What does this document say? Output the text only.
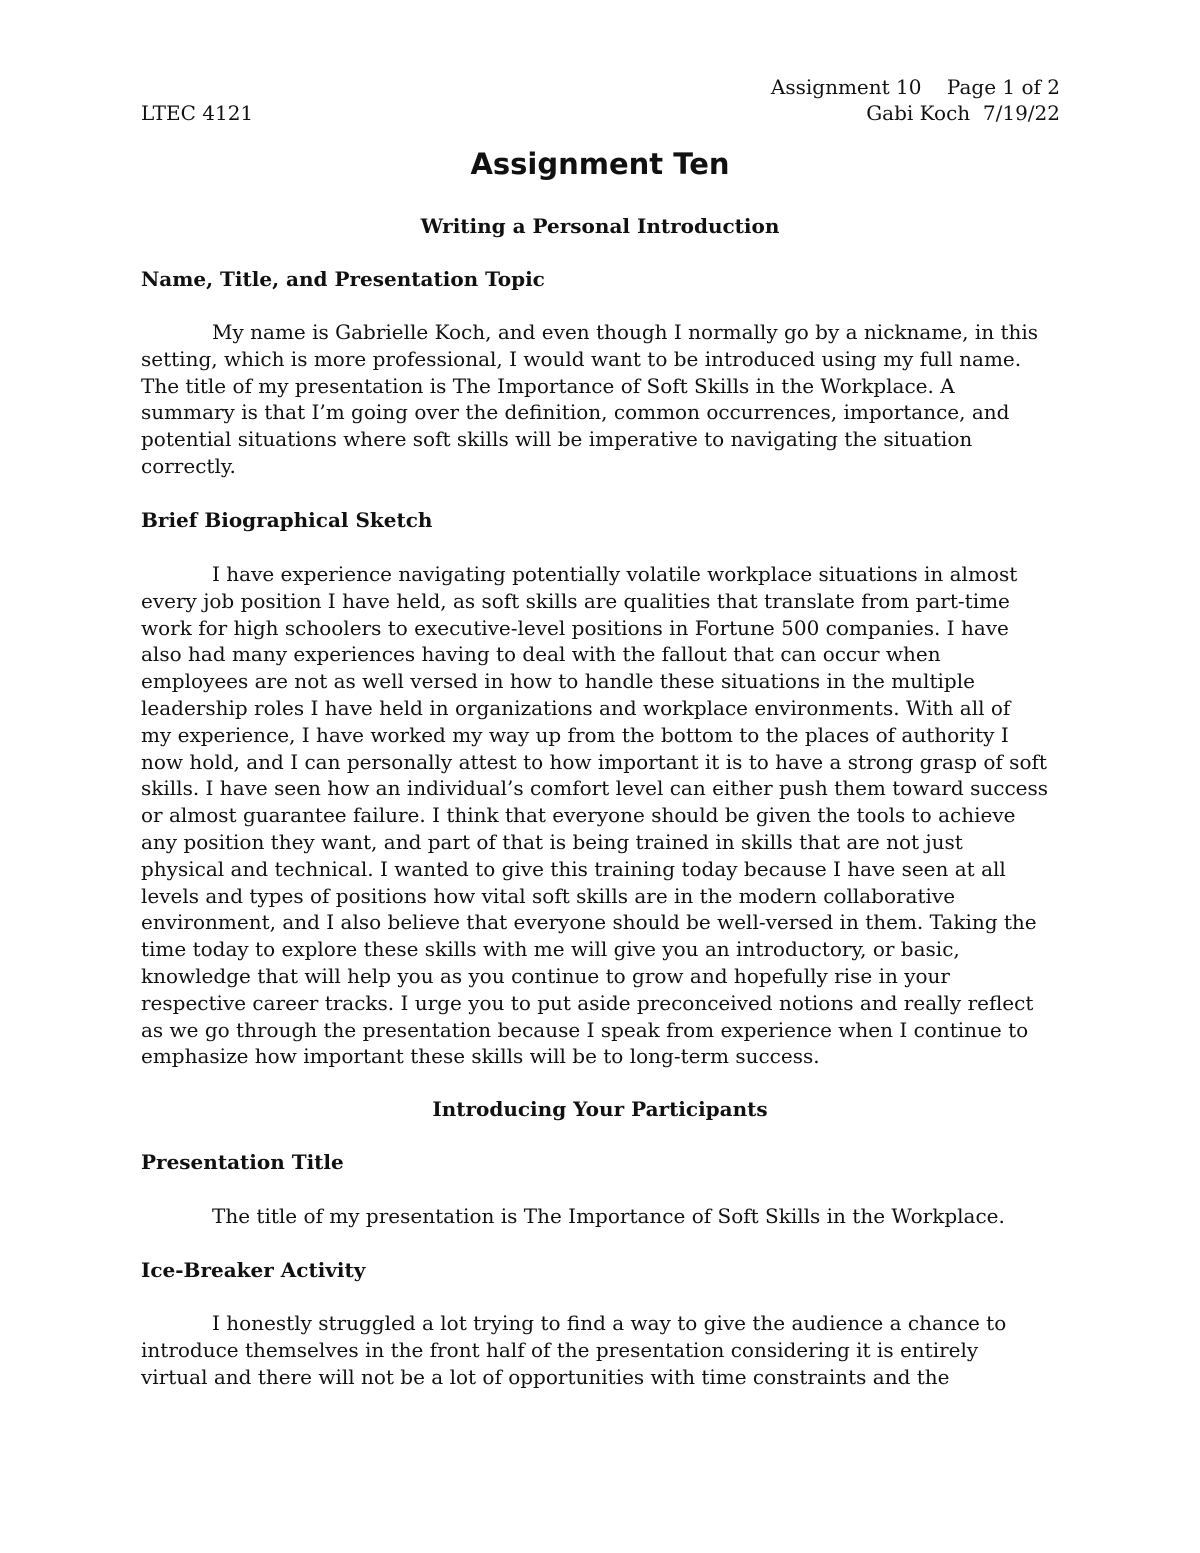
Assignment 10    Page 1 of 2
LTEC 4121	Gabi Koch  7/19/22
Assignment Ten
Writing a Personal Introduction
Name, Title, and Presentation Topic
My name is Gabrielle Koch, and even though I normally go by a nickname, in this
setting, which is more professional, I would want to be introduced using my full name.
The title of my presentation is The Importance of Soft Skills in the Workplace. A
summary is that I’m going over the definition, common occurrences, importance, and
potential situations where soft skills will be imperative to navigating the situation
correctly.
Brief Biographical Sketch
I have experience navigating potentially volatile workplace situations in almost
every job position I have held, as soft skills are qualities that translate from part-time
work for high schoolers to executive-level positions in Fortune 500 companies. I have
also had many experiences having to deal with the fallout that can occur when
employees are not as well versed in how to handle these situations in the multiple
leadership roles I have held in organizations and workplace environments. With all of
my experience, I have worked my way up from the bottom to the places of authority I
now hold, and I can personally attest to how important it is to have a strong grasp of soft
skills. I have seen how an individual’s comfort level can either push them toward success
or almost guarantee failure. I think that everyone should be given the tools to achieve
any position they want, and part of that is being trained in skills that are not just
physical and technical. I wanted to give this training today because I have seen at all
levels and types of positions how vital soft skills are in the modern collaborative
environment, and I also believe that everyone should be well-versed in them. Taking the
time today to explore these skills with me will give you an introductory, or basic,
knowledge that will help you as you continue to grow and hopefully rise in your
respective career tracks. I urge you to put aside preconceived notions and really reflect
as we go through the presentation because I speak from experience when I continue to
emphasize how important these skills will be to long-term success.
Introducing Your Participants
Presentation Title
The title of my presentation is The Importance of Soft Skills in the Workplace.
Ice-Breaker Activity
I honestly struggled a lot trying to find a way to give the audience a chance to
introduce themselves in the front half of the presentation considering it is entirely
virtual and there will not be a lot of opportunities with time constraints and the
